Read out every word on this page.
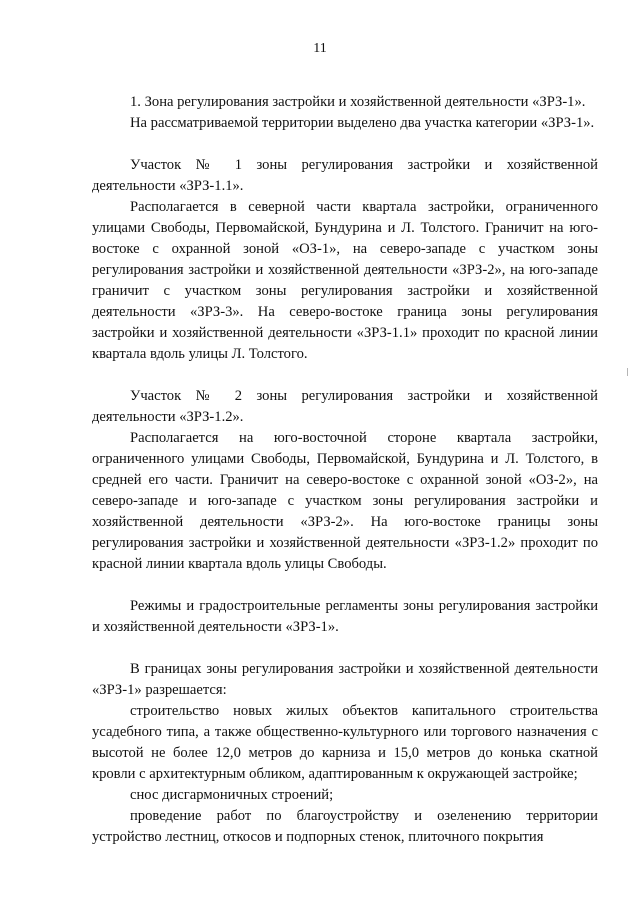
11

1. Зона регулирования застройки и хозяйственной деятельности «ЗРЗ-1».

На рассматриваемой территории выделено два участка категории «ЗРЗ-1».

Участок № 1 зоны регулирования застройки и хозяйственной деятельности «ЗРЗ-1.1».

Располагается в северной части квартала застройки, ограниченного улицами Свободы, Первомайской, Бундурина и Л. Толстого. Граничит на юго-востоке с охранной зоной «ОЗ-1», на северо-западе с участком зоны регулирования застройки и хозяйственной деятельности «ЗРЗ-2», на юго-западе граничит с участком зоны регулирования застройки и хозяйственной деятельности «ЗРЗ-3». На северо-востоке граница зоны регулирования застройки и хозяйственной деятельности «ЗРЗ-1.1» проходит по красной линии квартала вдоль улицы Л. Толстого.

Участок № 2 зоны регулирования застройки и хозяйственной деятельности «ЗРЗ-1.2».

Располагается на юго-восточной стороне квартала застройки, ограниченного улицами Свободы, Первомайской, Бундурина и Л. Толстого, в средней его части. Граничит на северо-востоке с охранной зоной «ОЗ-2», на северо-западе и юго-западе с участком зоны регулирования застройки и хозяйственной деятельности «ЗРЗ-2». На юго-востоке границы зоны регулирования застройки и хозяйственной деятельности «ЗРЗ-1.2» проходит по красной линии квартала вдоль улицы Свободы.

Режимы и градостроительные регламенты зоны регулирования застройки и хозяйственной деятельности «ЗРЗ-1».

В границах зоны регулирования застройки и хозяйственной деятельности «ЗРЗ-1» разрешается:

строительство новых жилых объектов капитального строительства усадебного типа, а также общественно-культурного или торгового назначения с высотой не более 12,0 метров до карниза и 15,0 метров до конька скатной кровли с архитектурным обликом, адаптированным к окружающей застройке;

снос дисгармоничных строений;

проведение работ по благоустройству и озеленению территории устройство лестниц, откосов и подпорных стенок, плиточного покрытия
